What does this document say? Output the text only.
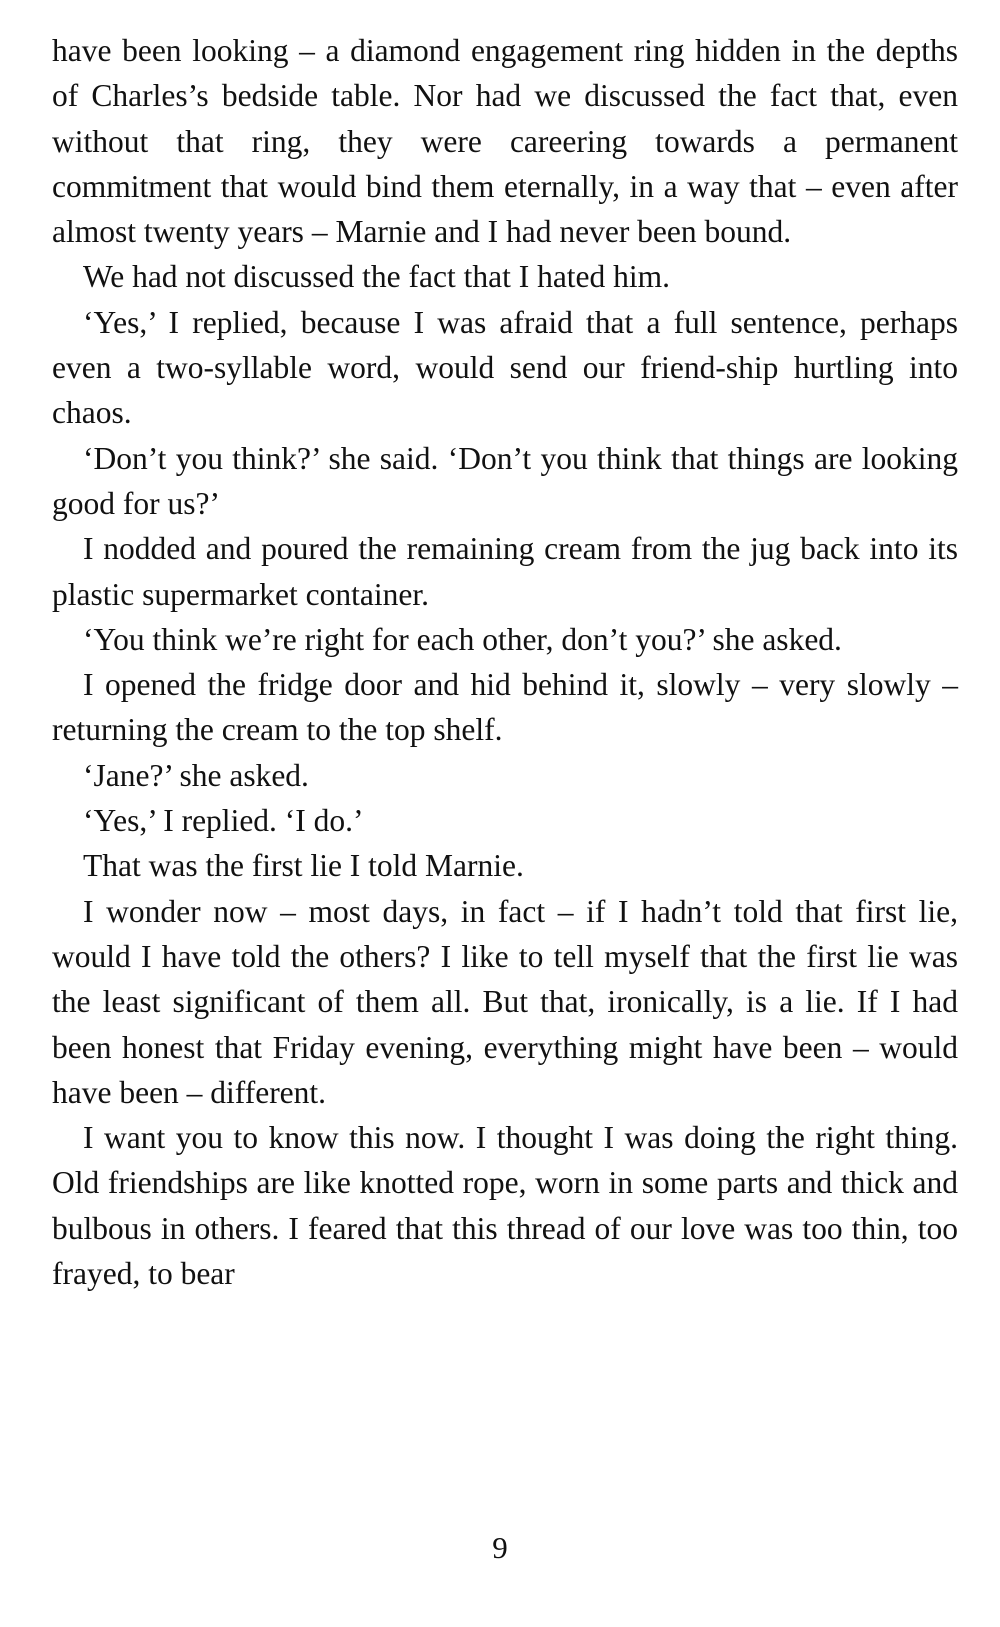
have been looking – a diamond engagement ring hidden in the depths of Charles’s bedside table. Nor had we discussed the fact that, even without that ring, they were careering towards a permanent commitment that would bind them eternally, in a way that – even after almost twenty years – Marnie and I had never been bound.

We had not discussed the fact that I hated him.

‘Yes,’ I replied, because I was afraid that a full sentence, perhaps even a two-syllable word, would send our friend-ship hurtling into chaos.

‘Don’t you think?’ she said. ‘Don’t you think that things are looking good for us?’

I nodded and poured the remaining cream from the jug back into its plastic supermarket container.

‘You think we’re right for each other, don’t you?’ she asked.

I opened the fridge door and hid behind it, slowly – very slowly – returning the cream to the top shelf.

‘Jane?’ she asked.

‘Yes,’ I replied. ‘I do.’

That was the first lie I told Marnie.

I wonder now – most days, in fact – if I hadn’t told that first lie, would I have told the others? I like to tell myself that the first lie was the least significant of them all. But that, ironically, is a lie. If I had been honest that Friday evening, everything might have been – would have been – different.

I want you to know this now. I thought I was doing the right thing. Old friendships are like knotted rope, worn in some parts and thick and bulbous in others. I feared that this thread of our love was too thin, too frayed, to bear

9
